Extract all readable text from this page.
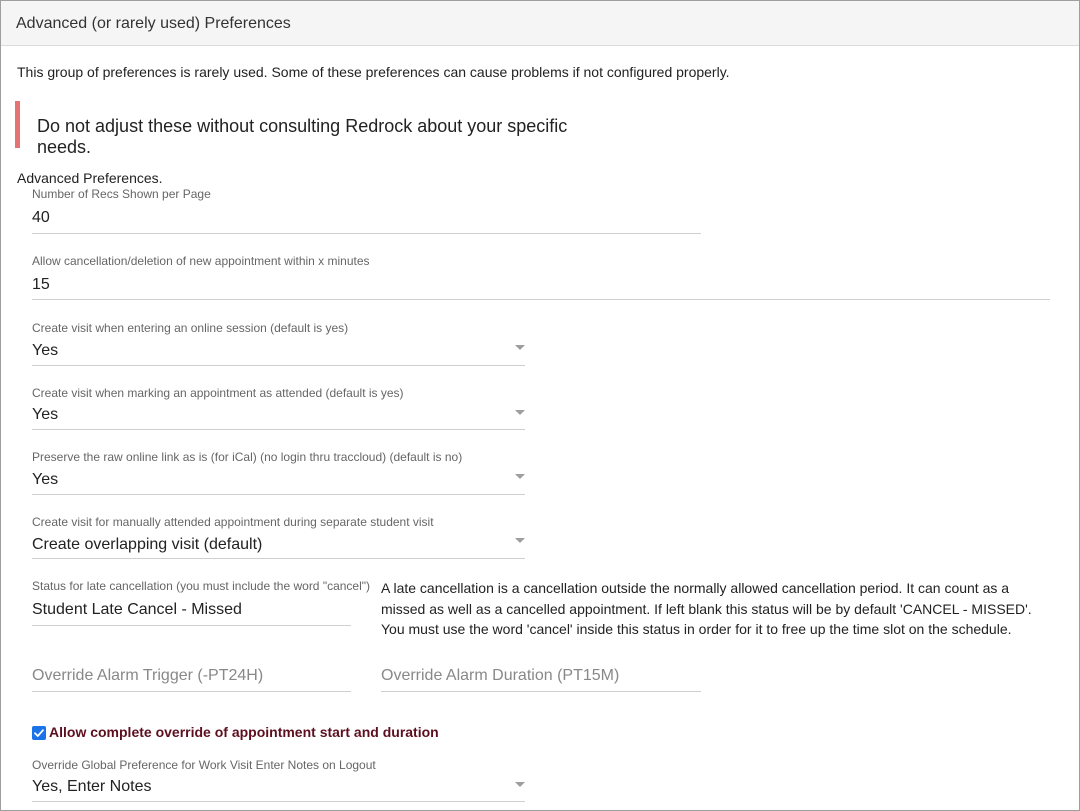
Advanced (or rarely used) Preferences
This group of preferences is rarely used. Some of these preferences can cause problems if not configured properly.
Do not adjust these without consulting Redrock about your specific needs.
Advanced Preferences.
Number of Recs Shown per Page
40
Allow cancellation/deletion of new appointment within x minutes
15
Create visit when entering an online session (default is yes)
Yes
Create visit when marking an appointment as attended (default is yes)
Yes
Preserve the raw online link as is (for iCal) (no login thru traccloud) (default is no)
Yes
Create visit for manually attended appointment during separate student visit
Create overlapping visit (default)
Status for late cancellation (you must include the word "cancel")
Student Late Cancel - Missed
A late cancellation is a cancellation outside the normally allowed cancellation period. It can count as a missed as well as a cancelled appointment. If left blank this status will be by default 'CANCEL - MISSED'. You must use the word 'cancel' inside this status in order for it to free up the time slot on the schedule.
Override Alarm Trigger (-PT24H)	Override Alarm Duration (PT15M)
Allow complete override of appointment start and duration
Override Global Preference for Work Visit Enter Notes on Logout
Yes, Enter Notes
